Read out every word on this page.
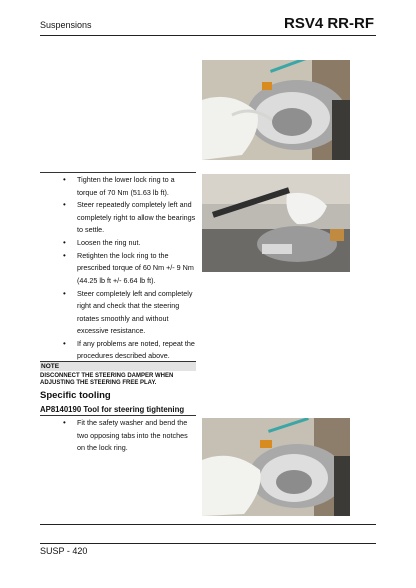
Suspensions	RSV4 RR-RF
• Tighten the lower lock ring to a torque of 70 Nm (51.63 lb ft).
• Steer repeatedly completely left and completely right to allow the bearings to settle.
• Loosen the ring nut.
• Retighten the lock ring to the prescribed torque of 60 Nm +/- 9 Nm (44.25 lb ft +/- 6.64 lb ft).
• Steer completely left and completely right and check that the steering rotates smoothly and without excessive resistance.
• If any problems are noted, repeat the procedures described above.
NOTE
DISCONNECT THE STEERING DAMPER WHEN ADJUSTING THE STEERING FREE PLAY.
Specific tooling
AP8140190 Tool for steering tightening
• Fit the safety washer and bend the two opposing tabs into the notches on the lock ring.
SUSP - 420
